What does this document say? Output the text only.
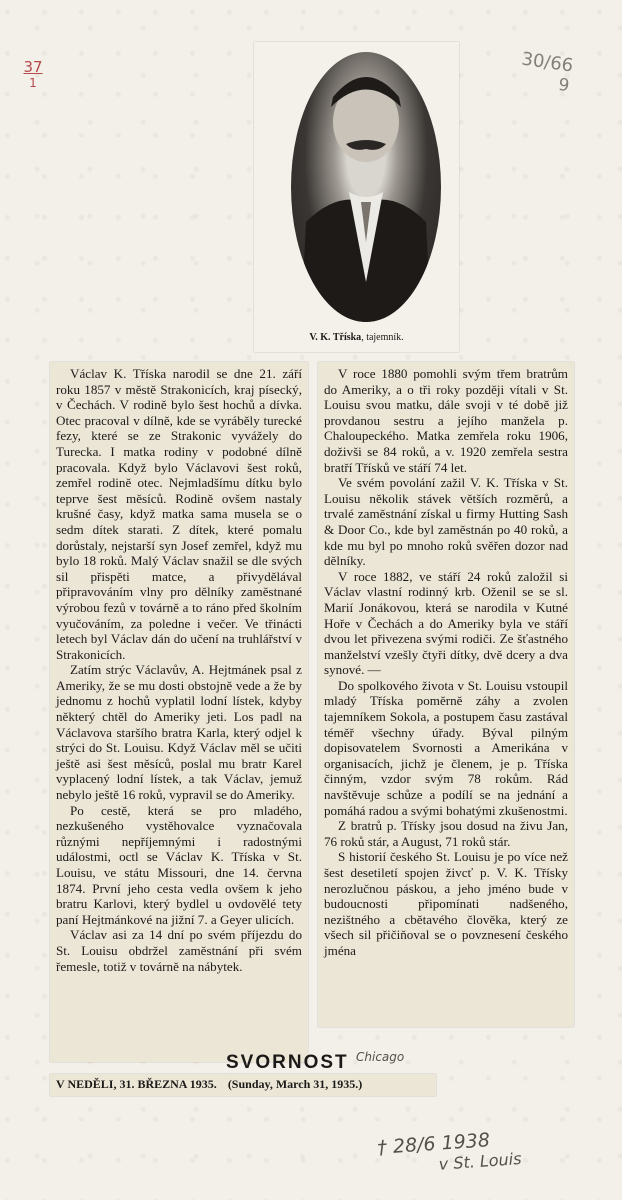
37
1
30/66
9
V. K. Tříska, tajemník.

Václav K. Tříska narodil se dne 21. září roku 1857 v městě Strakonicích, kraj písecký, v Čechách. V rodině bylo šest hochů a dívka. Otec pracoval v dílně, kde se vyráběly turecké fezy, které se ze Strakonic vyvážely do Turecka. I matka rodiny v podobné dílně pracovala. Když bylo Václavovi šest roků, zemřel rodině otec. Nejmladšímu dítku bylo teprve šest měsíců. Rodině ovšem nastaly krušné časy, když matka sama musela se o sedm dítek starati. Z dítek, které pomalu dorůstaly, nejstarší syn Josef zemřel, když mu bylo 18 roků. Malý Václav snažil se dle svých sil přispěti matce, a přivydělával připravováním vlny pro dělníky zaměstnané výrobou fezů v továrně a to ráno před školním vyučováním, za poledne i večer. Ve třinácti letech byl Václav dán do učení na truhlářství v Strakonicích.

Zatím strýc Václavův, A. Hejtmánek psal z Ameriky, že se mu dosti obstojně vede a že by jednomu z hochů vyplatil lodní lístek, kdyby některý chtěl do Ameriky jeti. Los padl na Václavova staršího bratra Karla, který odjel k strýci do St. Louisu. Když Václav měl se učiti ještě asi šest měsíců, poslal mu bratr Karel vyplacený lodní lístek, a tak Václav, jemuž nebylo ještě 16 roků, vypravil se do Ameriky.

Po cestě, která se pro mladého, nezkušeného vystěhovalce vyznačovala různými nepříjemnými i radostnými událostmi, octl se Václav K. Tříska v St. Louisu, ve státu Missouri, dne 14. června 1874. První jeho cesta vedla ovšem k jeho bratru Karlovi, který bydlel u ovdovělé tety paní Hejtmánkové na jižní 7. a Geyer ulicích.

Václav asi za 14 dní po svém příjezdu do St. Louisu obdržel zaměstnání při svém řemesle, totiž v továrně na nábytek.

V roce 1880 pomohli svým třem bratrům do Ameriky, a o tři roky později vítali v St. Louisu svou matku, dále svoji v té době již provdanou sestru a jejího manžela p. Chaloupeckého. Matka zemřela roku 1906, doživši se 84 roků, a v. 1920 zemřela sestra bratří Třísků ve stáří 74 let.

Ve svém povolání zažil V. K. Tříska v St. Louisu několik stávek větších rozměrů, a trvalé zaměstnání získal u firmy Hutting Sash & Door Co., kde byl zaměstnán po 40 roků, a kde mu byl po mnoho roků svěřen dozor nad dělníky.

V roce 1882, ve stáří 24 roků založil si Václav vlastní rodinný krb. Oženil se se sl. Marií Jonákovou, která se narodila v Kutné Hoře v Čechách a do Ameriky byla ve stáří dvou let přivezena svými rodiči. Ze šťastného manželství vzešly čtyři dítky, dvě dcery a dva synové. —

Do spolkového života v St. Louisu vstoupil mladý Tříska poměrně záhy a zvolen tajemníkem Sokola, a postupem času zastával téměř všechny úřady. Býval pilným dopisovatelem Svornosti a Amerikána v organisacích, jichž je členem, je p. Tříska činným, vzdor svým 78 rokům. Rád navštěvuje schůze a podílí se na jednání a pomáhá radou a svými bohatými zkušenostmi.

Z bratrů p. Třísky jsou dosud na živu Jan, 76 roků stár, a August, 71 roků stár.

S historií českého St. Louisu je po více než šest desetiletí spojen živcť p. V. K. Třísky nerozlučnou páskou, a jeho jméno bude v budoucnosti připomínati nadšeného, nezištného a cbětavého člověka, který ze všech sil přičiňoval se o povznesení českého jména

SVORNOST Chicago
V NEDĚLI, 31. BŘEZNA 1935. (Sunday, March 31, 1935.)
† 28/6 1938
v St. Louis
